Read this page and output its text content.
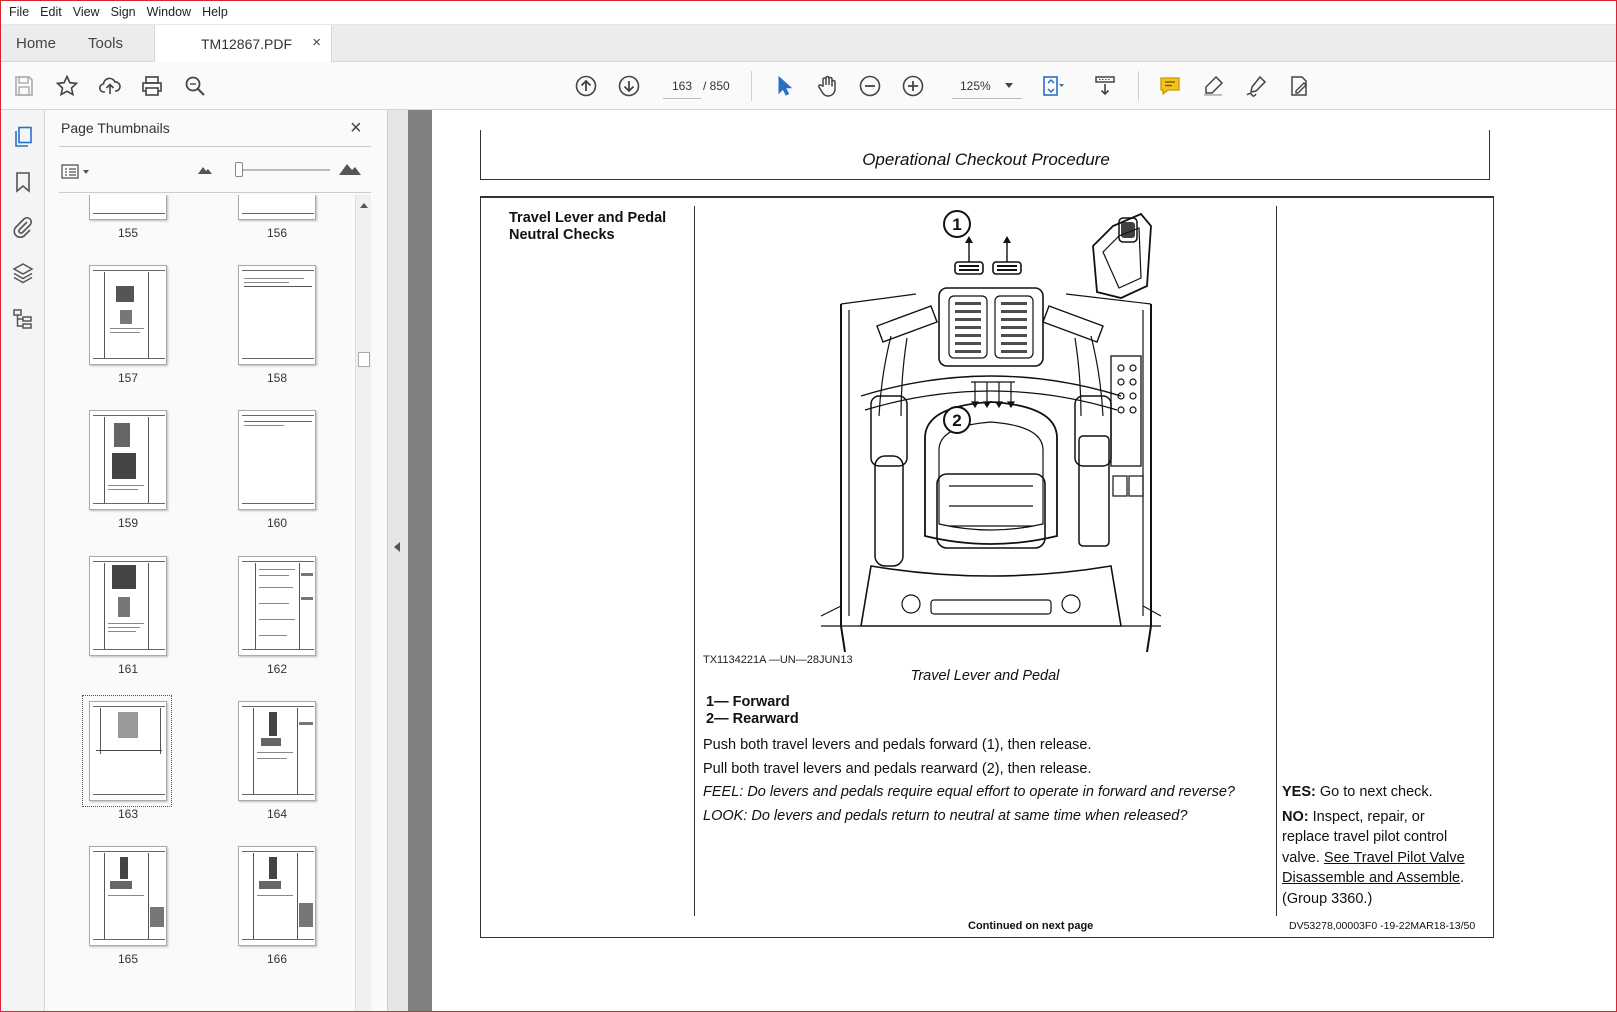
File Edit View Sign Window Help
Home Tools	TM12867.PDF ×
163 / 850	125%
Page Thumbnails	×
155	156
157	158
159	160
161	162
163	164
165	166
Operational Checkout Procedure
Travel Lever and Pedal
Neutral Checks
1
2
TX1134221A —UN—28JUN13
Travel Lever and Pedal
1— Forward
2— Rearward
Push both travel levers and pedals forward (1), then release.
Pull both travel levers and pedals rearward (2), then release.
FEEL: Do levers and pedals require equal effort to operate in forward and reverse?
LOOK: Do levers and pedals return to neutral at same time when released?
YES: Go to next check.
NO: Inspect, repair, or replace travel pilot control valve. See Travel Pilot Valve Disassemble and Assemble. (Group 3360.)
Continued on next page	DV53278,00003F0 -19-22MAR18-13/50
